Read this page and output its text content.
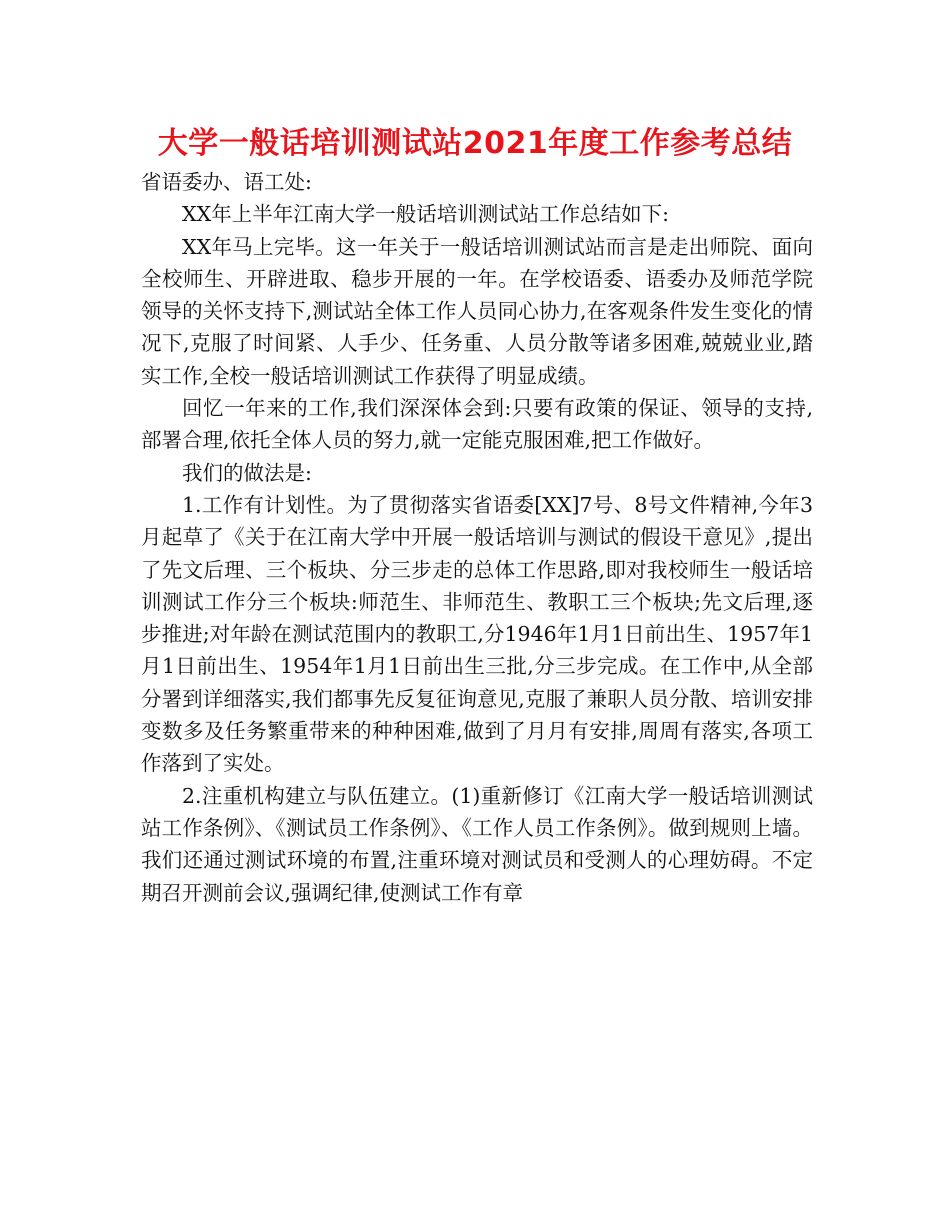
大学一般话培训测试站2021年度工作参考总结

省语委办、语工处:

XX年上半年江南大学一般话培训测试站工作总结如下:

XX年马上完毕。这一年关于一般话培训测试站而言是走出师院、面向全校师生、开辟进取、稳步开展的一年。在学校语委、语委办及师范学院领导的关怀支持下,测试站全体工作人员同心协力,在客观条件发生变化的情况下,克服了时间紧、人手少、任务重、人员分散等诸多困难,兢兢业业,踏实工作,全校一般话培训测试工作获得了明显成绩。

回忆一年来的工作,我们深深体会到:只要有政策的保证、领导的支持,部署合理,依托全体人员的努力,就一定能克服困难,把工作做好。

我们的做法是:

1.工作有计划性。为了贯彻落实省语委[XX]7号、8号文件精神,今年3月起草了《关于在江南大学中开展一般话培训与测试的假设干意见》,提出了先文后理、三个板块、分三步走的总体工作思路,即对我校师生一般话培训测试工作分三个板块:师范生、非师范生、教职工三个板块;先文后理,逐步推进;对年龄在测试范围内的教职工,分1946年1月1日前出生、1957年1月1日前出生、1954年1月1日前出生三批,分三步完成。在工作中,从全部分署到详细落实,我们都事先反复征询意见,克服了兼职人员分散、培训安排变数多及任务繁重带来的种种困难,做到了月月有安排,周周有落实,各项工作落到了实处。

2.注重机构建立与队伍建立。(1)重新修订《江南大学一般话培训测试站工作条例》、《测试员工作条例》、《工作人员工作条例》。做到规则上墙。我们还通过测试环境的布置,注重环境对测试员和受测人的心理妨碍。不定期召开测前会议,强调纪律,使测试工作有章
